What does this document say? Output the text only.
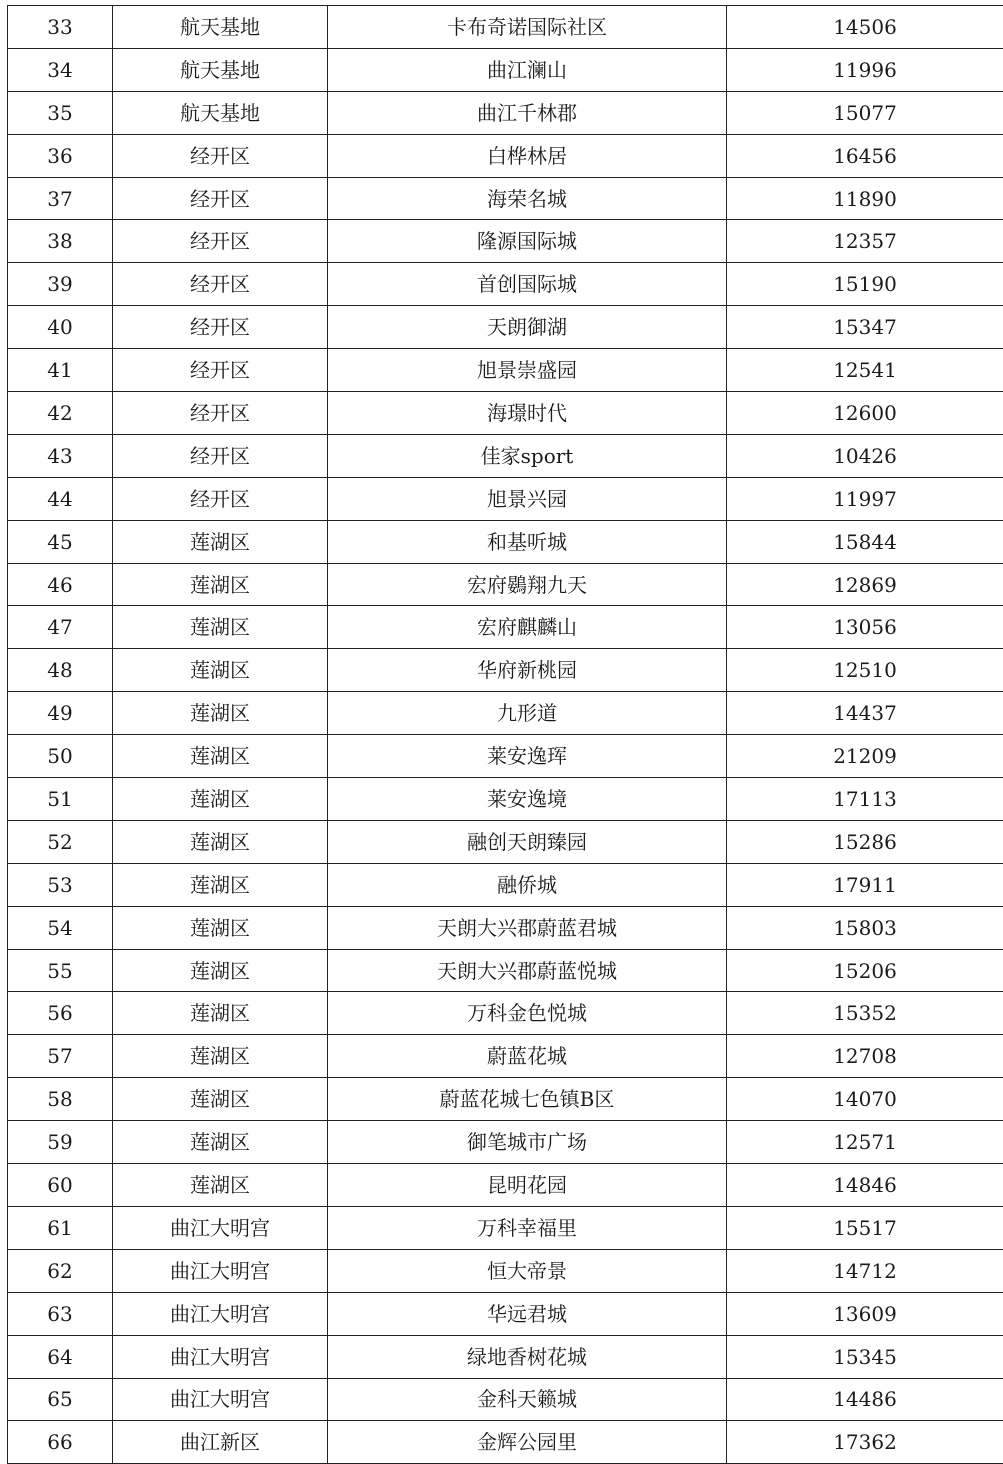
33	航天基地	卡布奇诺国际社区	14506
34	航天基地	曲江澜山	11996
35	航天基地	曲江千林郡	15077
36	经开区	白桦林居	16456
37	经开区	海荣名城	11890
38	经开区	隆源国际城	12357
39	经开区	首创国际城	15190
40	经开区	天朗御湖	15347
41	经开区	旭景崇盛园	12541
42	经开区	海璟时代	12600
43	经开区	佳家sport	10426
44	经开区	旭景兴园	11997
45	莲湖区	和基听城	15844
46	莲湖区	宏府鷃翔九天	12869
47	莲湖区	宏府麒麟山	13056
48	莲湖区	华府新桃园	12510
49	莲湖区	九形道	14437
50	莲湖区	莱安逸珲	21209
51	莲湖区	莱安逸境	17113
52	莲湖区	融创天朗臻园	15286
53	莲湖区	融侨城	17911
54	莲湖区	天朗大兴郡蔚蓝君城	15803
55	莲湖区	天朗大兴郡蔚蓝悦城	15206
56	莲湖区	万科金色悦城	15352
57	莲湖区	蔚蓝花城	12708
58	莲湖区	蔚蓝花城七色镇B区	14070
59	莲湖区	御笔城市广场	12571
60	莲湖区	昆明花园	14846
61	曲江大明宫	万科幸福里	15517
62	曲江大明宫	恒大帝景	14712
63	曲江大明宫	华远君城	13609
64	曲江大明宫	绿地香树花城	15345
65	曲江大明宫	金科天籁城	14486
66	曲江新区	金辉公园里	17362
